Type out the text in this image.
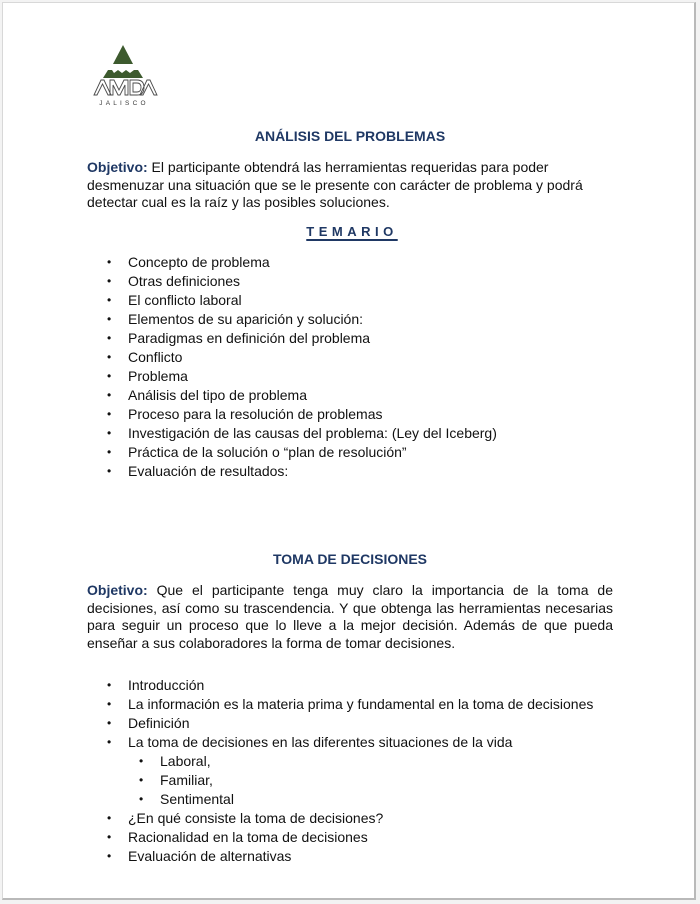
JALISCO
ANÁLISIS DEL PROBLEMAS
Objetivo: El participante obtendrá las herramientas requeridas para poder desmenuzar una situación que se le presente con carácter de problema y podrá detectar cual es la raíz y las posibles soluciones.
TEMARIO
• Concepto de problema
• Otras definiciones
• El conflicto laboral
• Elementos de su aparición y solución:
• Paradigmas en definición del problema
• Conflicto
• Problema
• Análisis del tipo de problema
• Proceso para la resolución de problemas
• Investigación de las causas del problema: (Ley del Iceberg)
• Práctica de la solución o “plan de resolución”
• Evaluación de resultados:
TOMA DE DECISIONES
Objetivo: Que el participante tenga muy claro la importancia de la toma de decisiones, así como su trascendencia. Y que obtenga las herramientas necesarias para seguir un proceso que lo lleve a la mejor decisión. Además de que pueda enseñar a sus colaboradores la forma de tomar decisiones.
• Introducción
• La información es la materia prima y fundamental en la toma de decisiones
• Definición
• La toma de decisiones en las diferentes situaciones de la vida
• Laboral,
• Familiar,
• Sentimental
• ¿En qué consiste la toma de decisiones?
• Racionalidad en la toma de decisiones
• Evaluación de alternativas
